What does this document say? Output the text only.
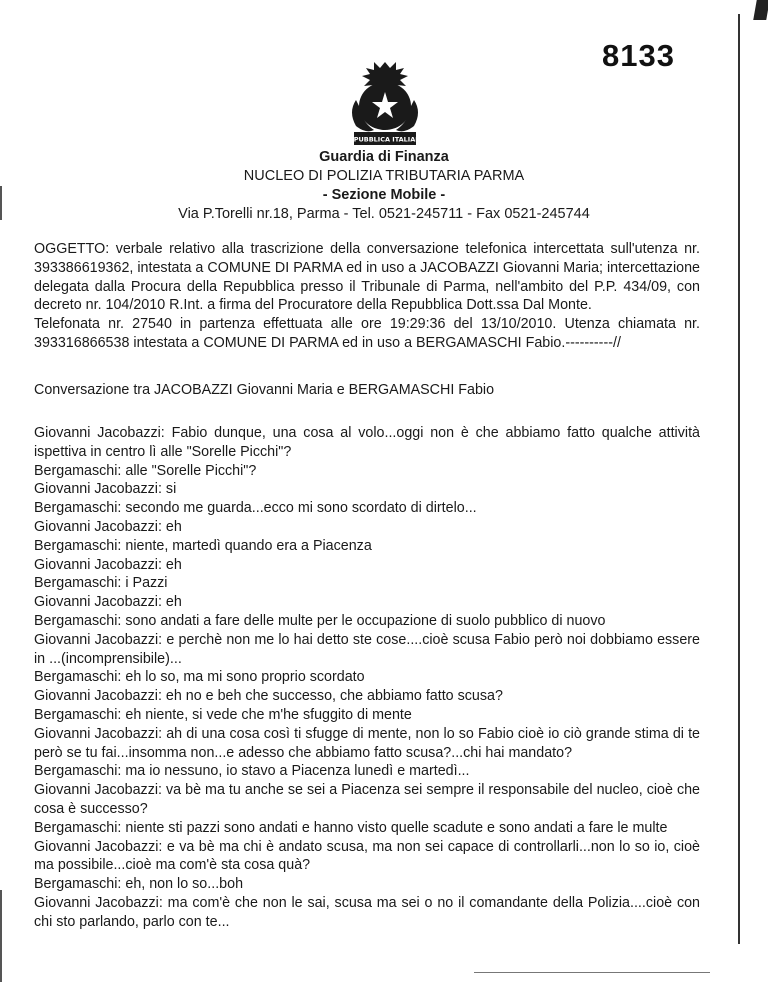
8133
REPUBBLICA ITALIANA
Guardia di Finanza
NUCLEO DI POLIZIA TRIBUTARIA PARMA
- Sezione Mobile -
Via P.Torelli nr.18, Parma - Tel. 0521-245711 - Fax 0521-245744

OGGETTO: verbale relativo alla trascrizione della conversazione telefonica intercettata sull'utenza nr. 393386619362, intestata a COMUNE DI PARMA ed in uso a JACOBAZZI Giovanni Maria; intercettazione delegata dalla Procura della Repubblica presso il Tribunale di Parma, nell'ambito del P.P. 434/09, con decreto nr. 104/2010 R.Int. a firma del Procuratore della Repubblica Dott.ssa Dal Monte.

Telefonata nr. 27540 in partenza effettuata alle ore 19:29:36 del 13/10/2010. Utenza chiamata nr. 393316866538 intestata a COMUNE DI PARMA ed in uso a BERGAMASCHI Fabio.----------//

Conversazione tra JACOBAZZI Giovanni Maria e BERGAMASCHI Fabio

Giovanni Jacobazzi: Fabio dunque, una cosa al volo...oggi non è che abbiamo fatto qualche attività ispettiva in centro lì alle "Sorelle Picchi"?

Bergamaschi: alle "Sorelle Picchi"?

Giovanni Jacobazzi: si

Bergamaschi: secondo me guarda...ecco mi sono scordato di dirtelo...

Giovanni Jacobazzi: eh

Bergamaschi: niente, martedì quando era a Piacenza

Giovanni Jacobazzi: eh

Bergamaschi: i Pazzi

Giovanni Jacobazzi: eh

Bergamaschi: sono andati a fare delle multe per le occupazione di suolo pubblico di nuovo

Giovanni Jacobazzi: e perchè non me lo hai detto ste cose....cioè scusa Fabio però noi dobbiamo essere in ...(incomprensibile)...

Bergamaschi: eh lo so, ma mi sono proprio scordato

Giovanni Jacobazzi: eh no e beh che successo, che abbiamo fatto scusa?

Bergamaschi: eh niente, si vede che m'he sfuggito di mente

Giovanni Jacobazzi: ah di una cosa così ti sfugge di mente, non lo so Fabio cioè io ciò grande stima di te però se tu fai...insomma non...e adesso che abbiamo fatto scusa?...chi hai mandato?

Bergamaschi: ma io nessuno, io stavo a Piacenza lunedì e martedì...

Giovanni Jacobazzi: va bè ma tu anche se sei a Piacenza sei sempre il responsabile del nucleo, cioè che cosa è successo?

Bergamaschi: niente sti pazzi sono andati e hanno visto quelle scadute e sono andati a fare le multe

Giovanni Jacobazzi: e va bè ma chi è andato scusa, ma non sei capace di controllarli...non lo so io, cioè ma possibile...cioè ma com'è sta cosa quà?

Bergamaschi: eh, non lo so...boh

Giovanni Jacobazzi: ma com'è che non le sai, scusa ma sei o no il comandante della Polizia....cioè con chi sto parlando, parlo con te...
